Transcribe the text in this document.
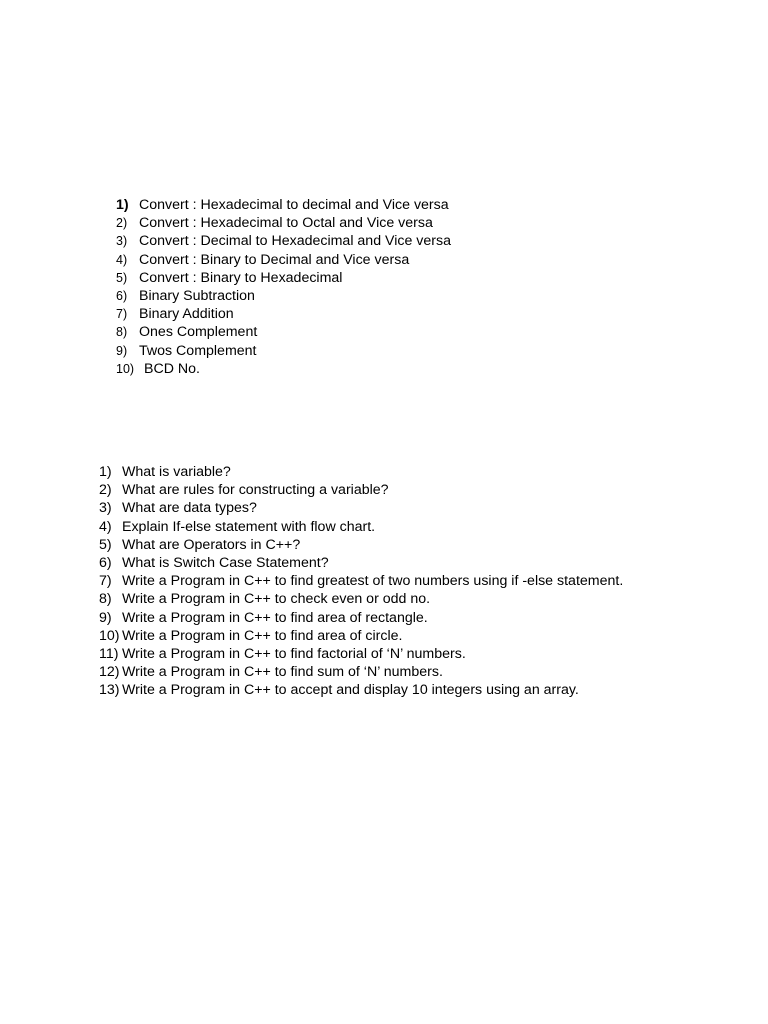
1) Convert : Hexadecimal to decimal and Vice versa
2) Convert : Hexadecimal to Octal and Vice versa
3) Convert : Decimal to Hexadecimal and Vice versa
4) Convert : Binary to Decimal and Vice versa
5) Convert : Binary to Hexadecimal
6) Binary Subtraction
7) Binary Addition
8) Ones Complement
9) Twos Complement
10) BCD No.
1) What is variable?
2) What are rules for constructing a variable?
3) What are data types?
4) Explain If-else statement with flow chart.
5) What are Operators in C++?
6) What is Switch Case Statement?
7) Write a Program in C++ to find greatest of two numbers using if -else statement.
8) Write a Program in C++ to check even or odd no.
9) Write a Program in C++ to find area of rectangle.
10) Write a Program in C++ to find area of circle.
11) Write a Program in C++ to find factorial of ‘N’ numbers.
12) Write a Program in C++ to find sum of ‘N’ numbers.
13) Write a Program in C++ to accept and display 10 integers using an array.
